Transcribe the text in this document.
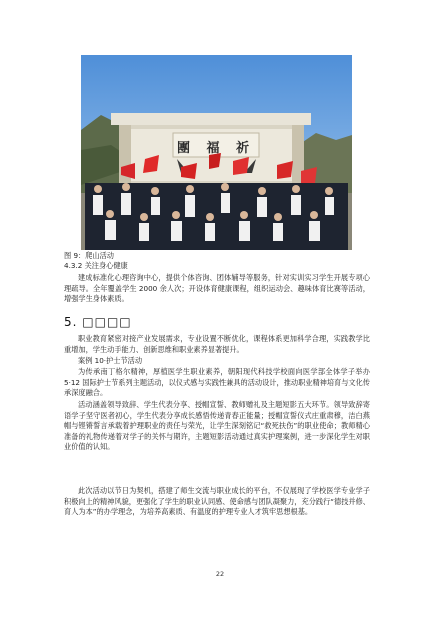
團 福 祈
图 9：爬山活动
4.3.2 关注身心健康
建成标准化心理咨询中心，提供个体咨询、团体辅导等服务，针对实训实习学生开展专项心理疏导。全年覆盖学生 2000 余人次；开设体育健康课程，组织运动会、趣味体育比赛等活动，增强学生身体素质。
5. □□□□
职业教育紧密对接产业发展需求，专业设置不断优化，课程体系更加科学合理，实践教学比重增加，学生动手能力、创新思维和职业素养显著提升。
案例 10·护士节活动
为传承南丁格尔精神，厚植医学生职业素养，朝阳现代科技学校面向医学部全体学子举办 5·12 国际护士节系列主题活动，以仪式感与实践性兼具的活动设计，推动职业精神培育与文化传承深度融合。
活动涵盖领导致辞、学生代表分享、授帽宣誓、教师赠礼及主题短影五大环节。领导致辞寄语学子坚守医者初心，学生代表分享成长感悟传递青春正能量；授帽宣誓仪式庄重肃穆，洁白燕帽与铿锵誓言承载着护理职业的责任与荣光，让学生深刻铭记“救死扶伤”的职业使命；教师精心准备的礼物传递着对学子的关怀与期许，主题短影活动通过真实护理案例，进一步深化学生对职业价值的认知。
此次活动以节日为契机，搭建了师生交流与职业成长的平台，不仅展现了学校医学专业学子积极向上的精神风貌，更强化了学生的职业认同感、使命感与团队凝聚力，充分践行“德技并修、育人为本”的办学理念，为培养高素质、有温度的护理专业人才筑牢思想根基。
22
